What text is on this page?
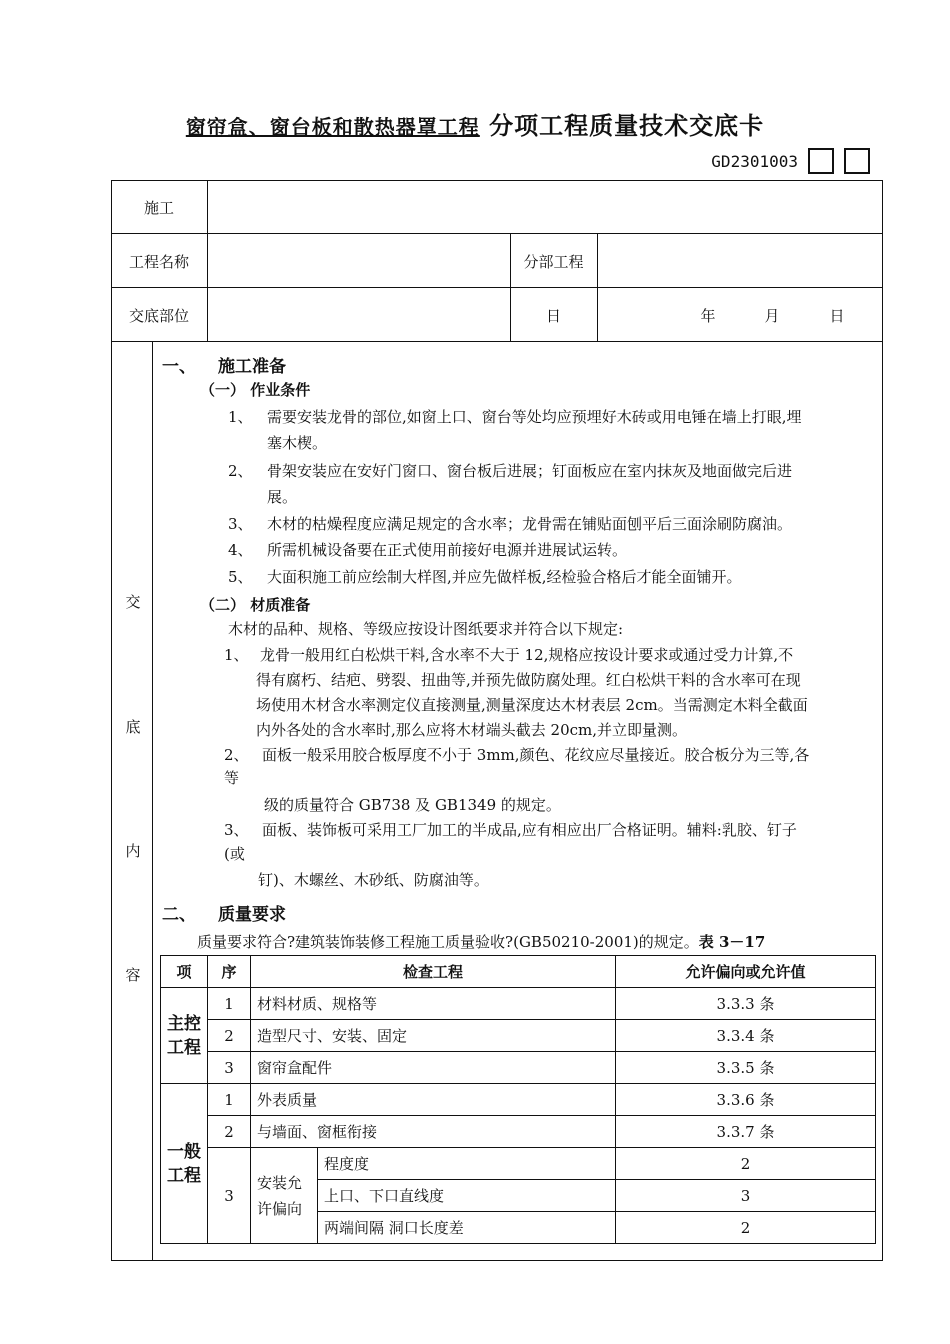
窗帘盒、窗台板和散热器罩工程 分项工程质量技术交底卡
GD2301003
施工
工程名称	分部工程
交底部位	日	年	月	日
交
底
内
容
一、 施工准备
（一） 作业条件
1、 需要安装龙骨的部位,如窗上口、窗台等处均应预埋好木砖或用电锤在墙上打眼,埋
塞木楔。
2、 骨架安装应在安好门窗口、窗台板后进展；钉面板应在室内抹灰及地面做完后进
展。
3、 木材的枯燥程度应满足规定的含水率；龙骨需在铺贴面刨平后三面涂刷防腐油。
4、 所需机械设备要在正式使用前接好电源并进展试运转。
5、 大面积施工前应绘制大样图,并应先做样板,经检验合格后才能全面铺开。
（二） 材质准备
木材的品种、规格、等级应按设计图纸要求并符合以下规定:
1、 龙骨一般用红白松烘干料,含水率不大于 12,规格应按设计要求或通过受力计算,不
得有腐朽、结疤、劈裂、扭曲等,并预先做防腐处理。红白松烘干料的含水率可在现
场使用木材含水率测定仪直接测量,测量深度达木材表层 2cm。当需测定木料全截面
内外各处的含水率时,那么应将木材端头截去 20cm,并立即量测。
2、 面板一般采用胶合板厚度不小于 3mm,颜色、花纹应尽量接近。胶合板分为三等,各
等
级的质量符合 GB738 及 GB1349 的规定。
3、 面板、装饰板可采用工厂加工的半成品,应有相应出厂合格证明。辅料:乳胶、钉子
(或
钉)、木螺丝、木砂纸、防腐油等。
二、 质量要求
质量要求符合?建筑装饰装修工程施工质量验收?(GB50210-2001)的规定。表 3－17
项	序	检查工程		允许偏向或允许值
主控工程	1	材料材质、规格等		3.3.3 条
	2	造型尺寸、安装、固定		3.3.4 条
	3	窗帘盒配件		3.3.5 条
一般工程	1	外表质量		3.3.6 条
	2	与墙面、窗框衔接		3.3.7 条
	3	安装允许偏向	程度度	2
			上口、下口直线度	3
			两端间隔 洞口长度差	2
